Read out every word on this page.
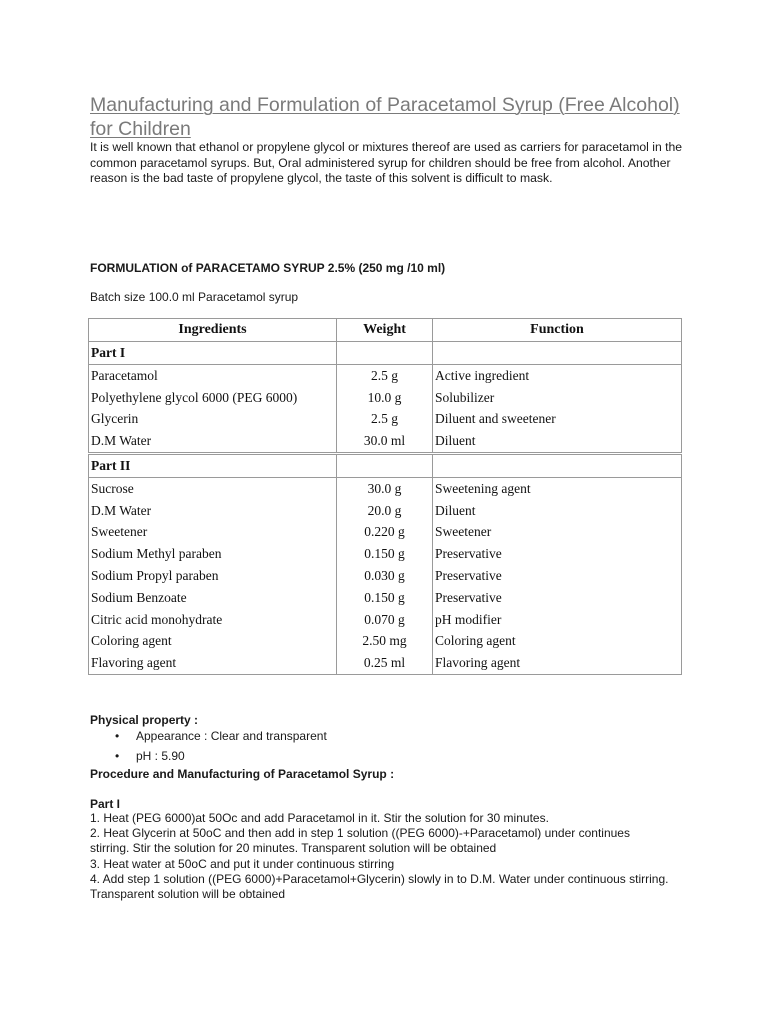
Manufacturing and Formulation of Paracetamol Syrup (Free Alcohol) for Children

It is well known that ethanol or propylene glycol or mixtures thereof are used as carriers for paracetamol in the common paracetamol syrups. But, Oral administered syrup for children should be free from alcohol. Another reason is the bad taste of propylene glycol, the taste of this solvent is difficult to mask.

FORMULATION of PARACETAMO SYRUP 2.5% (250 mg /10 ml)

Batch size 100.0 ml Paracetamol syrup

Ingredients	Weight	Function
Part I		
Paracetamol	2.5 g	Active ingredient
Polyethylene glycol 6000 (PEG 6000)	10.0 g	Solubilizer
Glycerin	2.5 g	Diluent and sweetener
D.M Water	30.0 ml	Diluent
Part II		
Sucrose	30.0 g	Sweetening agent
D.M Water	20.0 g	Diluent
Sweetener	0.220 g	Sweetener
Sodium Methyl paraben	0.150 g	Preservative
Sodium Propyl paraben	0.030 g	Preservative
Sodium Benzoate	0.150 g	Preservative
Citric acid monohydrate	0.070 g	pH modifier
Coloring agent	2.50 mg	Coloring agent
Flavoring agent	0.25 ml	Flavoring agent

Physical property :

• Appearance : Clear and transparent
• pH : 5.90

Procedure and Manufacturing of Paracetamol Syrup :

Part I

1. Heat (PEG 6000)at 50Oc and add Paracetamol in it. Stir the solution for 30 minutes.
2. Heat Glycerin at 50oC and then add in step 1 solution ((PEG 6000)-+Paracetamol) under continues stirring. Stir the solution for 20 minutes. Transparent solution will be obtained
3. Heat water at 50oC and put it under continuous stirring
4. Add step 1 solution ((PEG 6000)+Paracetamol+Glycerin) slowly in to D.M. Water under continuous stirring. Transparent solution will be obtained
